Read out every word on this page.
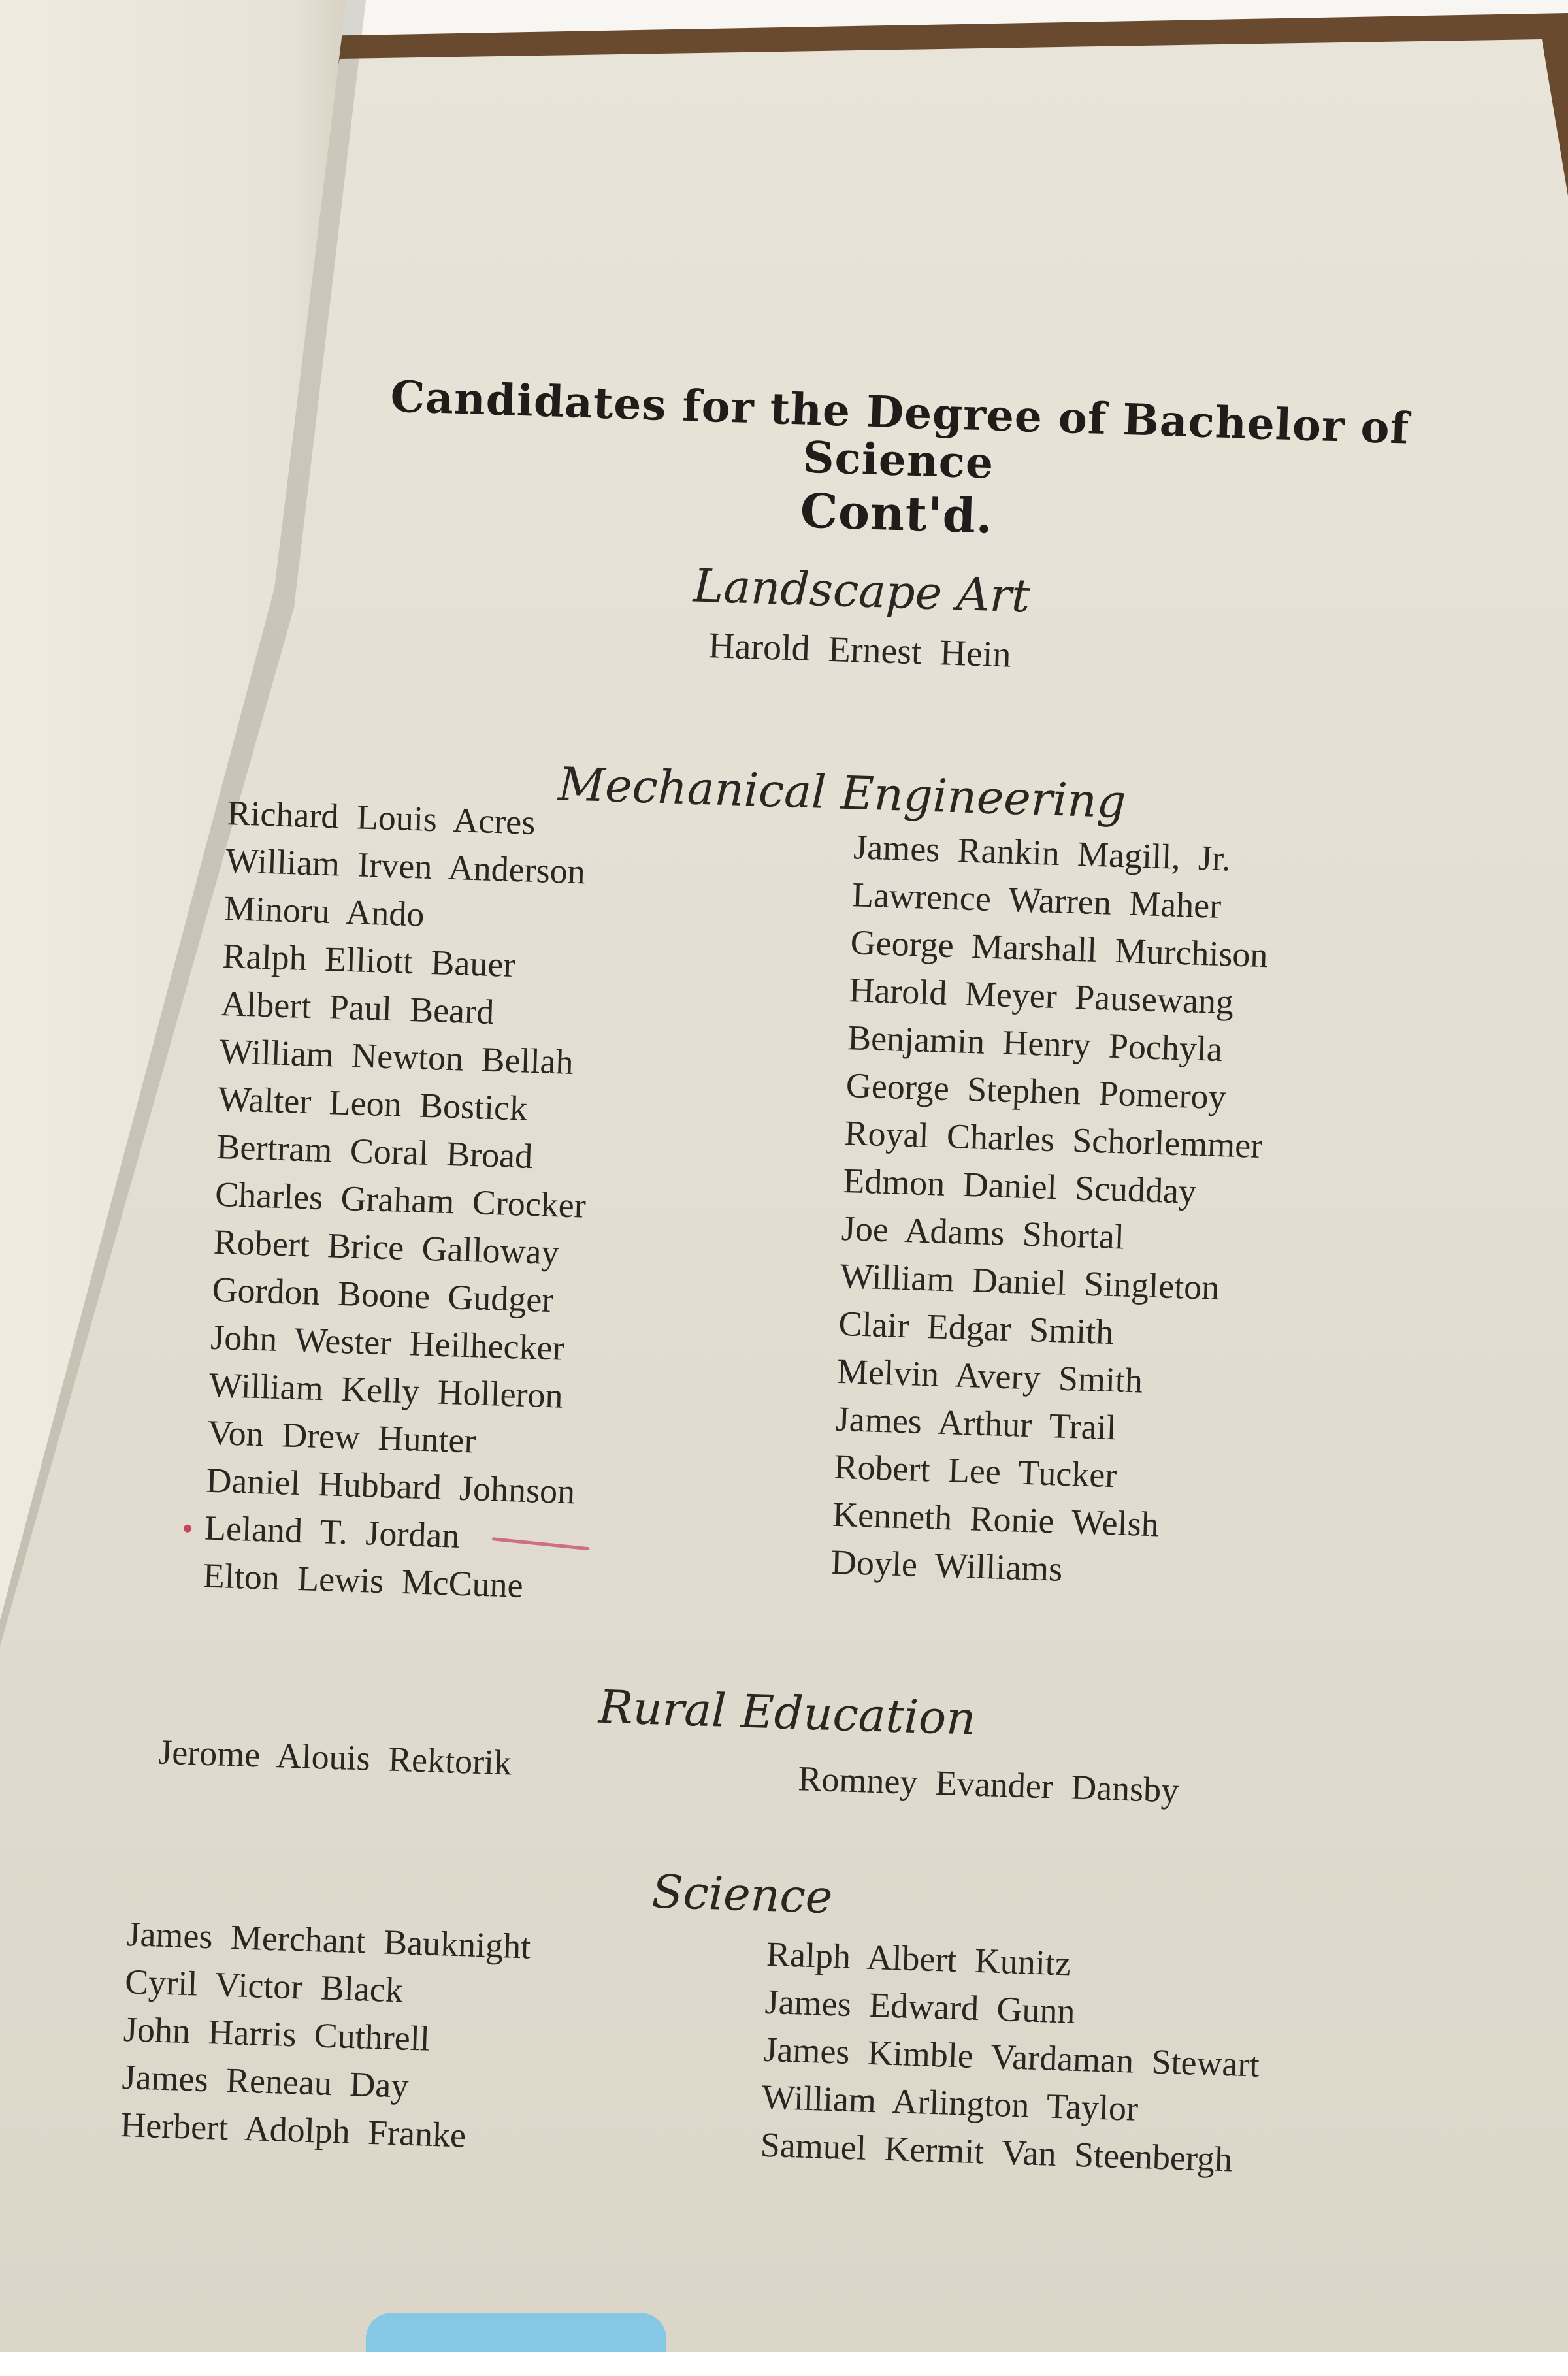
Candidates for the Degree of Bachelor of Science
Cont'd.
Landscape Art
Harold Ernest Hein
Mechanical Engineering
Richard Louis Acres
William Irven Anderson
Minoru Ando
Ralph Elliott Bauer
Albert Paul Beard
William Newton Bellah
Walter Leon Bostick
Bertram Coral Broad
Charles Graham Crocker
Robert Brice Galloway
Gordon Boone Gudger
John Wester Heilhecker
William Kelly Holleron
Von Drew Hunter
Daniel Hubbard Johnson
Leland T. Jordan
Elton Lewis McCune
James Rankin Magill, Jr.
Lawrence Warren Maher
George Marshall Murchison
Harold Meyer Pausewang
Benjamin Henry Pochyla
George Stephen Pomeroy
Royal Charles Schorlemmer
Edmon Daniel Scudday
Joe Adams Shortal
William Daniel Singleton
Clair Edgar Smith
Melvin Avery Smith
James Arthur Trail
Robert Lee Tucker
Kenneth Ronie Welsh
Doyle Williams
Rural Education
Jerome Alouis Rektorik
Romney Evander Dansby
Science
James Merchant Bauknight
Cyril Victor Black
John Harris Cuthrell
James Reneau Day
Herbert Adolph Franke
Ralph Albert Kunitz
James Edward Gunn
James Kimble Vardaman Stewart
William Arlington Taylor
Samuel Kermit Van Steenbergh
